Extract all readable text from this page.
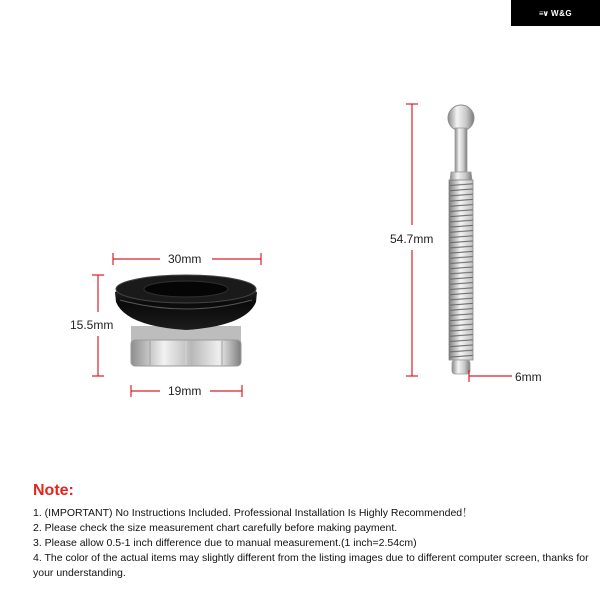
≡∨ W&G
30mm
15.5mm
19mm
54.7mm
6mm
Note:
1. (IMPORTANT) No Instructions Included. Professional Installation Is Highly Recommended！
2. Please check the size measurement chart carefully before making payment.
3. Please allow 0.5-1 inch difference due to manual measurement.(1 inch=2.54cm)
4. The color of the actual items may slightly different from the listing images due to different computer screen, thanks for your understanding.
